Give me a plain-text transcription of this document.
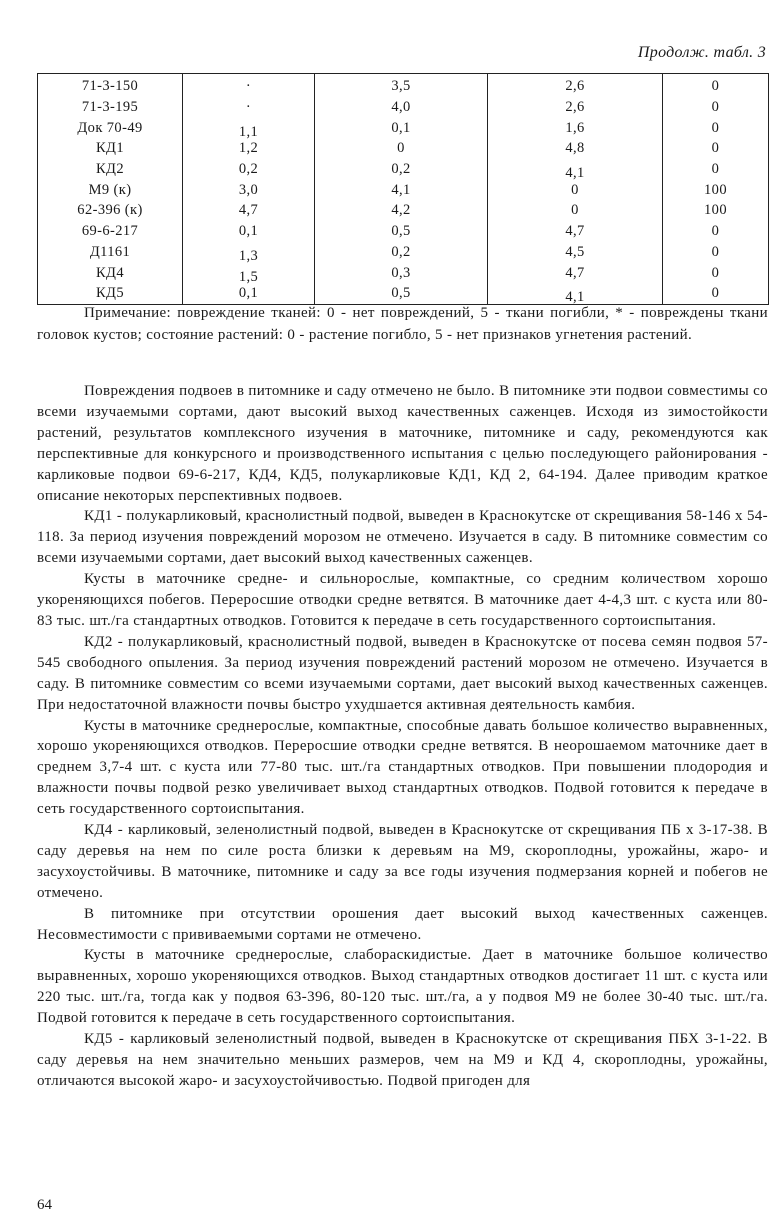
Продолж. табл. 3
71-3-150	·	3,5	2,6	0
71-3-195	·	4,0	2,6	0
Док 70-49	1,1	0,1	1,6	0
КД1	1,2	0	4,8	0
КД2	0,2	0,2	4,1	0
М9 (к)	3,0	4,1	0	100
62-396 (к)	4,7	4,2	0	100
69-6-217	0,1	0,5	4,7	0
Д1161	1,3	0,2	4,5	0
КД4	1,5	0,3	4,7	0
КД5	0,1	0,5	4,1	0

Примечание: повреждение тканей: 0 - нет повреждений, 5 - ткани погибли, * - повреждены ткани головок кустов; состояние растений: 0 - растение погибло, 5 - нет признаков угнетения растений.

Повреждения подвоев в питомнике и саду отмечено не было. В питомнике эти подвои совместимы со всеми изучаемыми сортами, дают высокий выход качественных саженцев. Исходя из зимостойкости растений, результатов комплексного изучения в маточнике, питомнике и саду, рекомендуются как перспективные для конкурсного и производственного испытания с целью последующего районирования - карликовые подвои 69-6-217, КД4, КД5, полукарликовые КД1, КД 2, 64-194. Далее приводим краткое описание некоторых перспективных подвоев.

КД1 - полукарликовый, краснолистный подвой, выведен в Краснокутске от скрещивания 58-146 х 54-118. За период изучения повреждений морозом не отмечено. Изучается в саду. В питомнике совместим со всеми изучаемыми сортами, дает высокий выход качественных саженцев.

Кусты в маточнике средне- и сильнорослые, компактные, со средним количеством хорошо укореняющихся побегов. Переросшие отводки средне ветвятся. В маточнике дает 4-4,3 шт. с куста или 80-83 тыс. шт./га стандартных отводков. Готовится к передаче в сеть государственного сортоиспытания.

КД2 - полукарликовый, краснолистный подвой, выведен в Краснокутске от посева семян подвоя 57-545 свободного опыления. За период изучения повреждений растений морозом не отмечено. Изучается в саду. В питомнике совместим со всеми изучаемыми сортами, дает высокий выход качественных саженцев. При недостаточной влажности почвы быстро ухудшается активная деятельность камбия.

Кусты в маточнике среднерослые, компактные, способные давать большое количество выравненных, хорошо укореняющихся отводков. Переросшие отводки средне ветвятся. В неорошаемом маточнике дает в среднем 3,7-4 шт. с куста или 77-80 тыс. шт./га стандартных отводков. При повышении плодородия и влажности почвы подвой резко увеличивает выход стандартных отводков. Подвой готовится к передаче в сеть государственного сортоиспытания.

КД4 - карликовый, зеленолистный подвой, выведен в Краснокутске от скрещивания ПБ х 3-17-38. В саду деревья на нем по силе роста близки к деревьям на М9, скороплодны, урожайны, жаро- и засухоустойчивы. В маточнике, питомнике и саду за все годы изучения подмерзания корней и побегов не отмечено.

В питомнике при отсутствии орошения дает высокий выход качественных саженцев. Несовместимости с прививаемыми сортами не отмечено.

Кусты в маточнике среднерослые, слабораскидистые. Дает в маточнике большое количество выравненных, хорошо укореняющихся отводков. Выход стандартных отводков достигает 11 шт. с куста или 220 тыс. шт./га, тогда как у подвоя 63-396, 80-120 тыс. шт./га, а у подвоя М9 не более 30-40 тыс. шт./га. Подвой готовится к передаче в сеть государственного сортоиспытания.

КД5 - карликовый зеленолистный подвой, выведен в Краснокутске от скрещивания ПБХ 3-1-22. В саду деревья на нем значительно меньших размеров, чем на М9 и КД 4, скороплодны, урожайны, отличаются высокой жаро- и засухоустойчивостью. Подвой пригоден для

64
